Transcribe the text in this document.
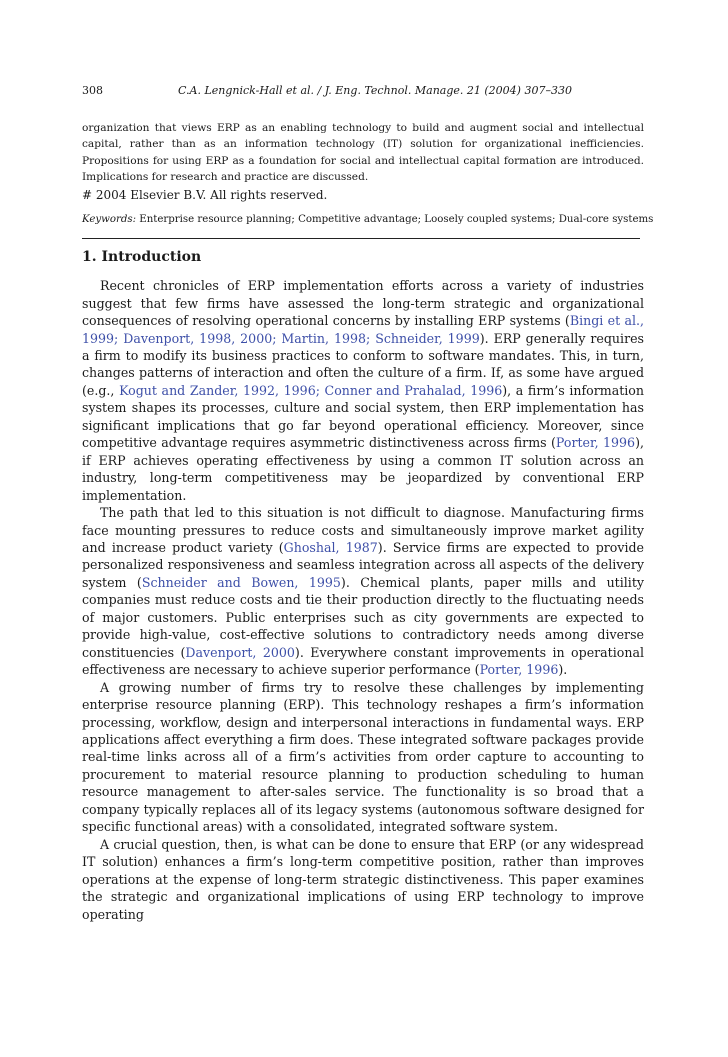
308	C.A. Lengnick-Hall et al. / J. Eng. Technol. Manage. 21 (2004) 307–330
organization that views ERP as an enabling technology to build and augment social and intellectual capital, rather than as an information technology (IT) solution for organizational inefficiencies. Propositions for using ERP as a foundation for social and intellectual capital formation are introduced. Implications for research and practice are discussed.
# 2004 Elsevier B.V. All rights reserved.
Keywords: Enterprise resource planning; Competitive advantage; Loosely coupled systems; Dual-core systems
1. Introduction

Recent chronicles of ERP implementation efforts across a variety of industries suggest that few firms have assessed the long-term strategic and organizational consequences of resolving operational concerns by installing ERP systems (Bingi et al., 1999; Davenport, 1998, 2000; Martin, 1998; Schneider, 1999). ERP generally requires a firm to modify its business practices to conform to software mandates. This, in turn, changes patterns of interaction and often the culture of a firm. If, as some have argued (e.g., Kogut and Zander, 1992, 1996; Conner and Prahalad, 1996), a firm’s information system shapes its processes, culture and social system, then ERP implementation has significant implications that go far beyond operational efficiency. Moreover, since competitive advantage requires asymmetric distinctiveness across firms (Porter, 1996), if ERP achieves operating effectiveness by using a common IT solution across an industry, long-term competitiveness may be jeopardized by conventional ERP implementation.

The path that led to this situation is not difficult to diagnose. Manufacturing firms face mounting pressures to reduce costs and simultaneously improve market agility and increase product variety (Ghoshal, 1987). Service firms are expected to provide personalized responsiveness and seamless integration across all aspects of the delivery system (Schneider and Bowen, 1995). Chemical plants, paper mills and utility companies must reduce costs and tie their production directly to the fluctuating needs of major customers. Public enterprises such as city governments are expected to provide high-value, cost-effective solutions to contradictory needs among diverse constituencies (Davenport, 2000). Everywhere constant improvements in operational effectiveness are necessary to achieve superior performance (Porter, 1996).

A growing number of firms try to resolve these challenges by implementing enterprise resource planning (ERP). This technology reshapes a firm’s information processing, workflow, design and interpersonal interactions in fundamental ways. ERP applications affect everything a firm does. These integrated software packages provide real-time links across all of a firm’s activities from order capture to accounting to procurement to material resource planning to production scheduling to human resource management to after-sales service. The functionality is so broad that a company typically replaces all of its legacy systems (autonomous software designed for specific functional areas) with a consolidated, integrated software system.

A crucial question, then, is what can be done to ensure that ERP (or any widespread IT solution) enhances a firm’s long-term competitive position, rather than improves operations at the expense of long-term strategic distinctiveness. This paper examines the strategic and organizational implications of using ERP technology to improve operating
